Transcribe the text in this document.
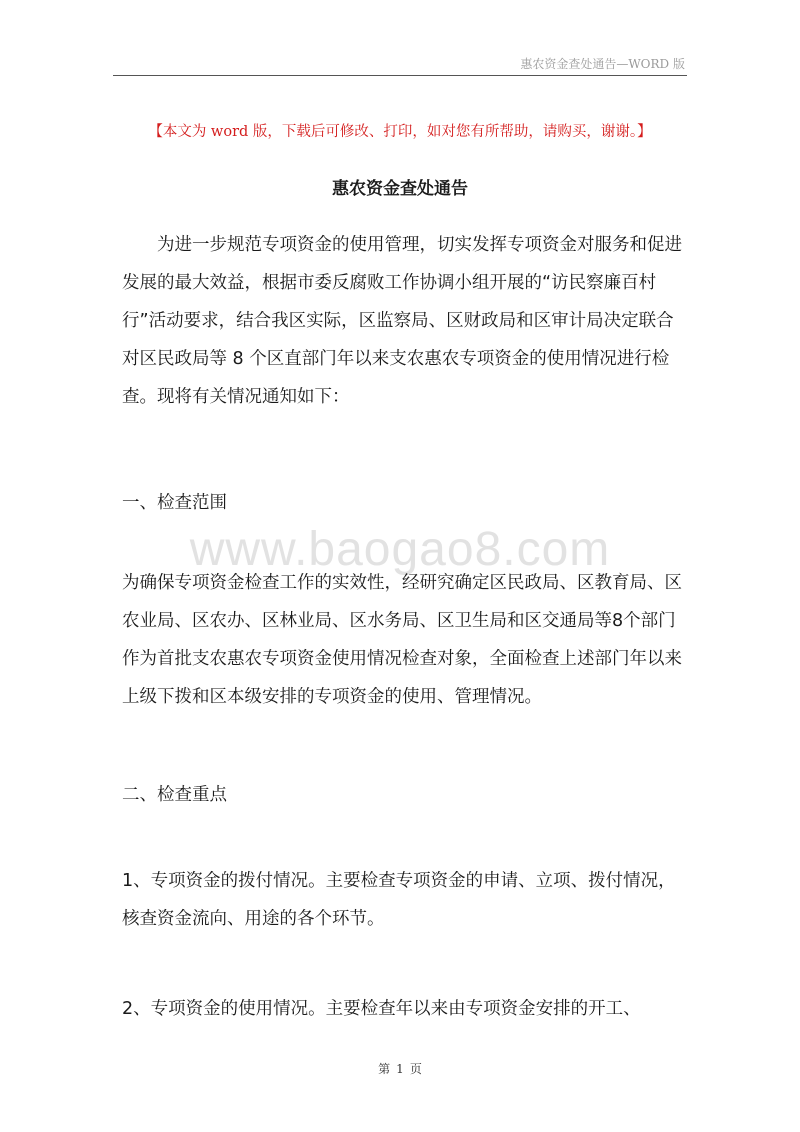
惠农资金查处通告—WORD 版
【本文为 word 版，下载后可修改、打印，如对您有所帮助，请购买，谢谢。】
惠农资金查处通告

为进一步规范专项资金的使用管理，切实发挥专项资金对服务和促进发展的最大效益，根据市委反腐败工作协调小组开展的“访民察廉百村行”活动要求，结合我区实际，区监察局、区财政局和区审计局决定联合对区民政局等 8 个区直部门年以来支农惠农专项资金的使用情况进行检查。现将有关情况通知如下：

一、检查范围

www.baogao8.com

为确保专项资金检查工作的实效性，经研究确定区民政局、区教育局、区农业局、区农办、区林业局、区水务局、区卫生局和区交通局等8个部门作为首批支农惠农专项资金使用情况检查对象，全面检查上述部门年以来上级下拨和区本级安排的专项资金的使用、管理情况。

二、检查重点

1、专项资金的拨付情况。主要检查专项资金的申请、立项、拨付情况，核查资金流向、用途的各个环节。

2、专项资金的使用情况。主要检查年以来由专项资金安排的开工、

第 1 页
